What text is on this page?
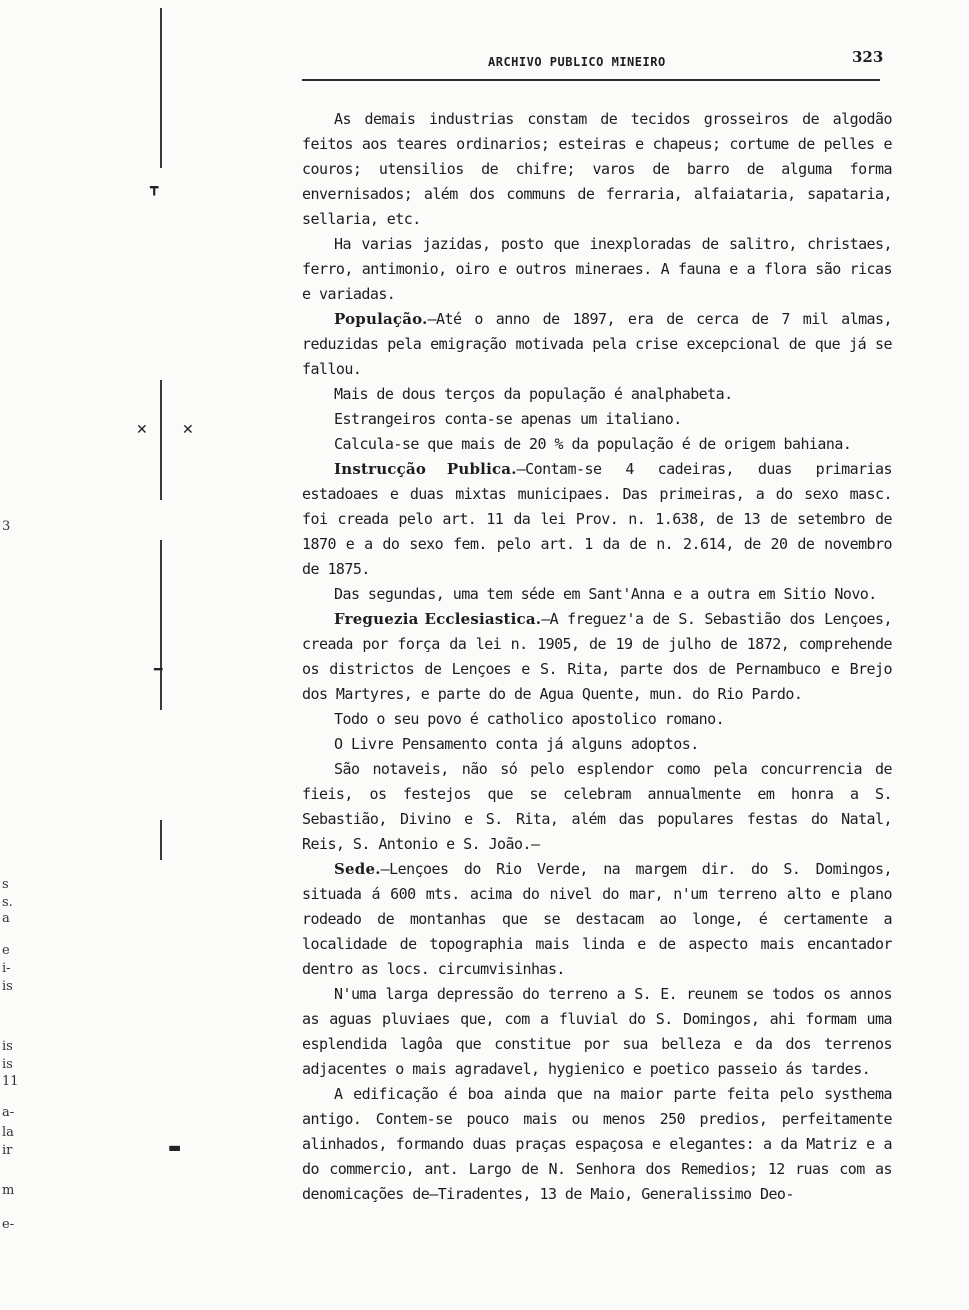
┳
✕ ✕
━
▬
3
s
s.
a
e
i-
is
is
is
11
a-
la
ir
m
e-
ARCHIVO PUBLICO MINEIRO	323

As demais industrias constam de tecidos grosseiros de algodão feitos aos teares ordinarios; esteiras e chapeus; cortume de pelles e couros; utensilios de chifre; varos de barro de alguma forma envernisados; além dos communs de ferraria, alfaiataria, sapataria, sellaria, etc.

Ha varias jazidas, posto que inexploradas de salitro, christaes, ferro, antimonio, oiro e outros mineraes. A fauna e a flora são ricas e variadas.

População.—Até o anno de 1897, era de cerca de 7 mil almas, reduzidas pela emigração motivada pela crise excepcional de que já se fallou.

Mais de dous terços da população é analphabeta.

Estrangeiros conta-se apenas um italiano.

Calcula-se que mais de 20 % da população é de origem bahiana.

Instrucção Publica.—Contam-se 4 cadeiras, duas primarias estadoaes e duas mixtas municipaes. Das primeiras, a do sexo masc. foi creada pelo art. 11 da lei Prov. n. 1.638, de 13 de setembro de 1870 e a do sexo fem. pelo art. 1 da de n. 2.614, de 20 de novembro de 1875.

Das segundas, uma tem séde em Sant'Anna e a outra em Sitio Novo.

Freguezia Ecclesiastica.—A freguez'a de S. Sebastião dos Lençoes, creada por força da lei n. 1905, de 19 de julho de 1872, comprehende os districtos de Lençoes e S. Rita, parte dos de Pernambuco e Brejo dos Martyres, e parte do de Agua Quente, mun. do Rio Pardo.

Todo o seu povo é catholico apostolico romano.

O Livre Pensamento conta já alguns adoptos.

São notaveis, não só pelo esplendor como pela concurrencia de fieis, os festejos que se celebram annualmente em honra a S. Sebastião, Divino e S. Rita, além das populares festas do Natal, Reis, S. Antonio e S. João.—

Sede.—Lençoes do Rio Verde, na margem dir. do S. Domingos, situada á 600 mts. acima do nivel do mar, n'um terreno alto e plano rodeado de montanhas que se destacam ao longe, é certamente a localidade de topographia mais linda e de aspecto mais encantador dentro as locs. circumvisinhas.

N'uma larga depressão do terreno a S. E. reunem se todos os annos as aguas pluviaes que, com a fluvial do S. Domingos, ahi formam uma esplendida lagôa que constitue por sua belleza e da dos terrenos adjacentes o mais agradavel, hygienico e poetico passeio ás tardes.

A edificação é boa ainda que na maior parte feita pelo systhema antigo. Contem-se pouco mais ou menos 250 predios, perfeitamente alinhados, formando duas praças espaçosa e elegantes: a da Matriz e a do commercio, ant. Largo de N. Senhora dos Remedios; 12 ruas com as denomicações de—Tiradentes, 13 de Maio, Generalissimo Deo-
